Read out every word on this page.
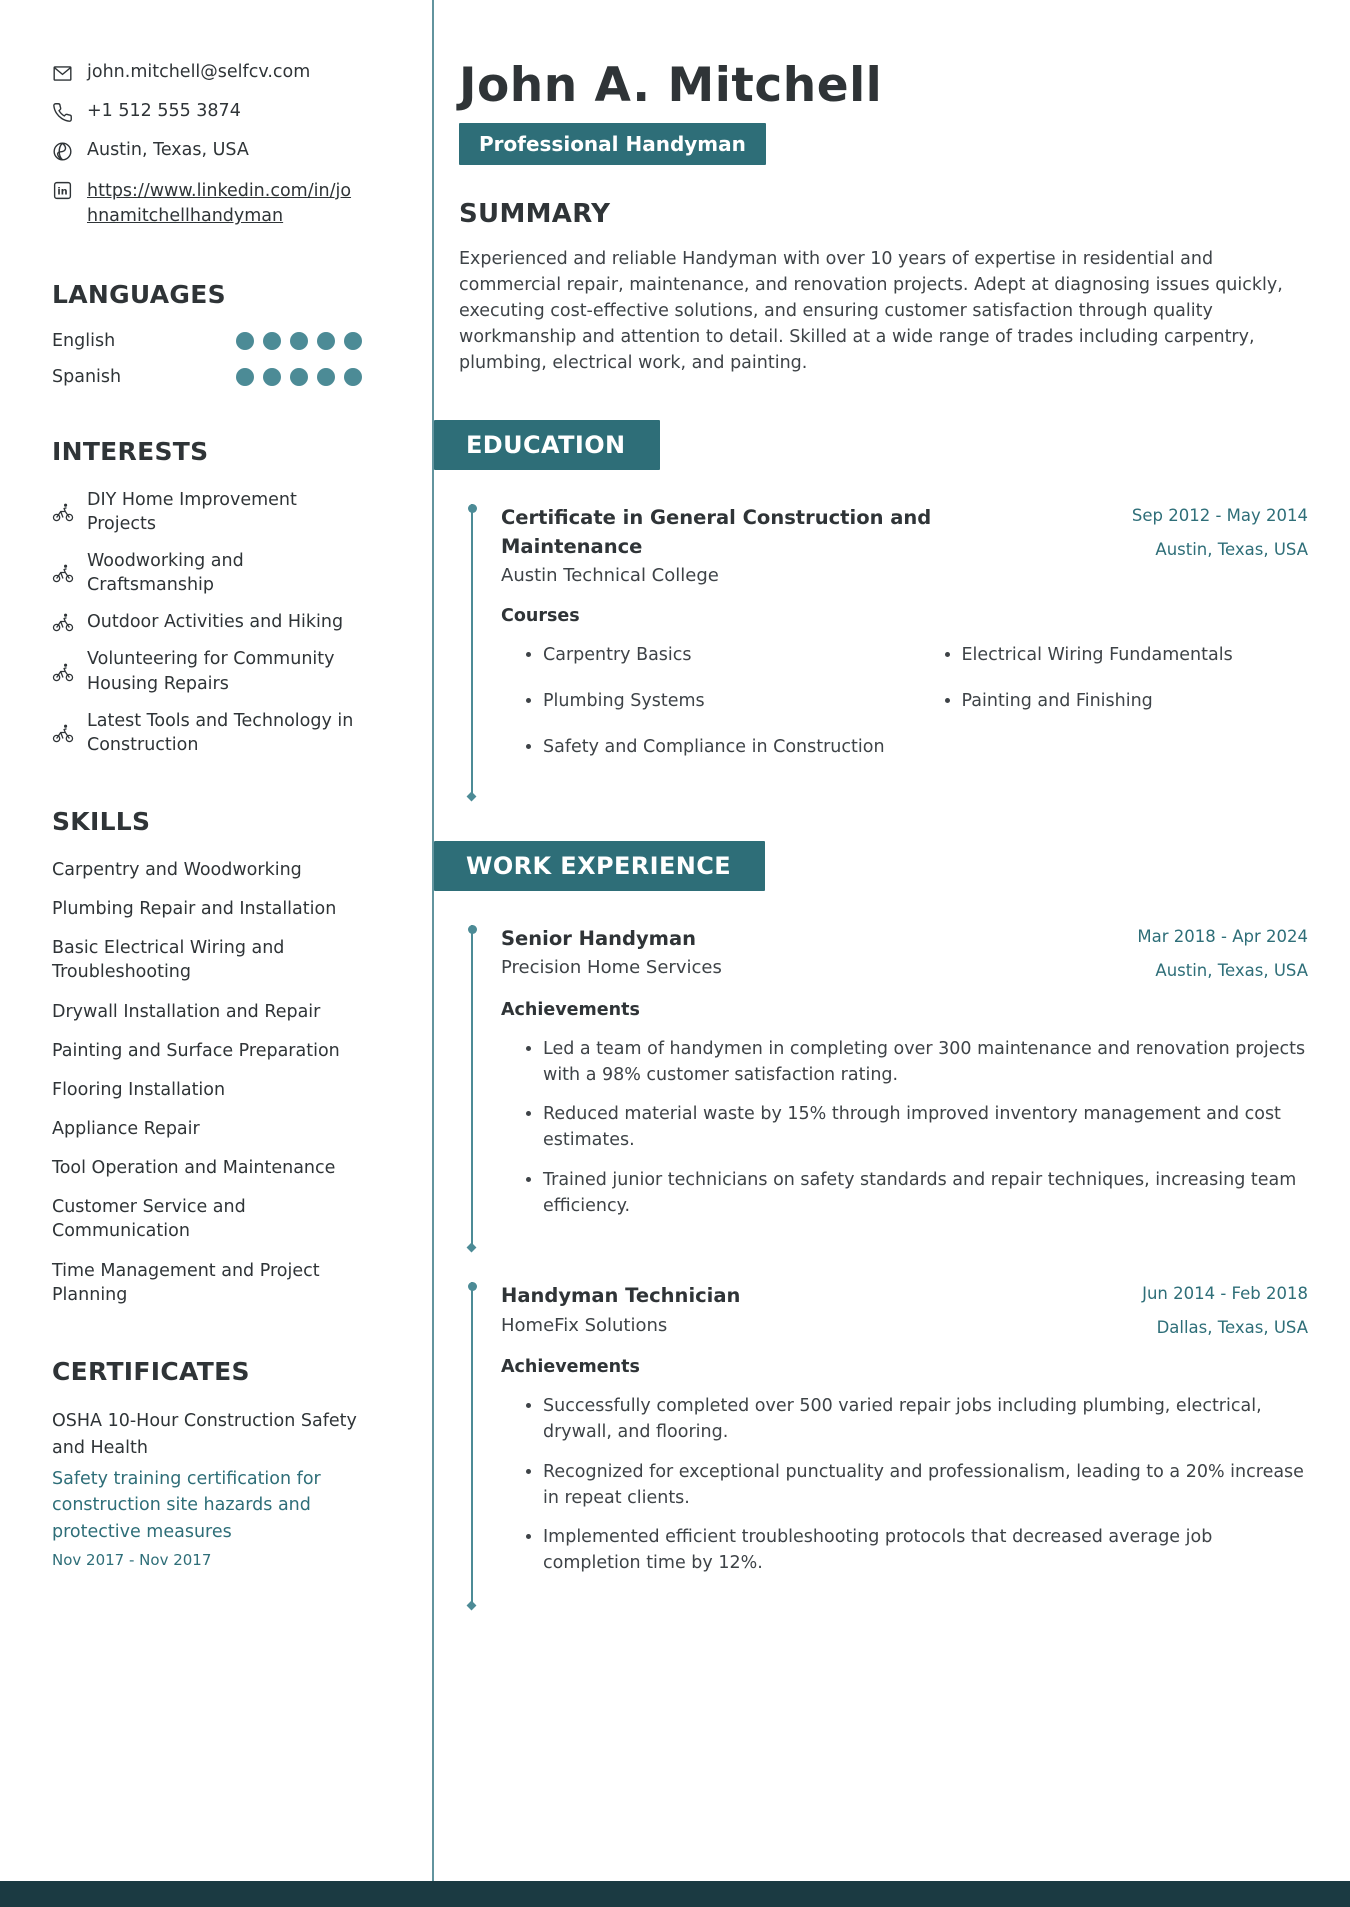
john.mitchell@selfcv.com
+1 512 555 3874
Austin, Texas, USA
in https://www.linkedin.com/in/johnamitchellhandyman
LANGUAGES
English
Spanish
INTERESTS
DIY Home Improvement Projects
Woodworking and Craftsmanship
Outdoor Activities and Hiking
Volunteering for Community Housing Repairs
Latest Tools and Technology in Construction
SKILLS
Carpentry and Woodworking
Plumbing Repair and Installation
Basic Electrical Wiring and Troubleshooting
Drywall Installation and Repair
Painting and Surface Preparation
Flooring Installation
Appliance Repair
Tool Operation and Maintenance
Customer Service and Communication
Time Management and Project Planning
CERTIFICATES
OSHA 10-Hour Construction Safety and Health
Safety training certification for construction site hazards and protective measures
Nov 2017 - Nov 2017
John A. Mitchell
Professional Handyman
SUMMARY

Experienced and reliable Handyman with over 10 years of expertise in residential and commercial repair, maintenance, and renovation projects. Adept at diagnosing issues quickly, executing cost-effective solutions, and ensuring customer satisfaction through quality workmanship and attention to detail. Skilled at a wide range of trades including carpentry, plumbing, electrical work, and painting.

EDUCATION
Certificate in General Construction and Maintenance
Austin Technical College
Sep 2012 - May 2014
Austin, Texas, USA
Courses
• Carpentry Basics
• Plumbing Systems
• Safety and Compliance in Construction
• Electrical Wiring Fundamentals
• Painting and Finishing
WORK EXPERIENCE
Senior Handyman
Precision Home Services
Mar 2018 - Apr 2024
Austin, Texas, USA
Achievements
• Led a team of handymen in completing over 300 maintenance and renovation projects with a 98% customer satisfaction rating.
• Reduced material waste by 15% through improved inventory management and cost estimates.
• Trained junior technicians on safety standards and repair techniques, increasing team efficiency.
Handyman Technician
HomeFix Solutions
Jun 2014 - Feb 2018
Dallas, Texas, USA
Achievements
• Successfully completed over 500 varied repair jobs including plumbing, electrical, drywall, and flooring.
• Recognized for exceptional punctuality and professionalism, leading to a 20% increase in repeat clients.
• Implemented efficient troubleshooting protocols that decreased average job completion time by 12%.
